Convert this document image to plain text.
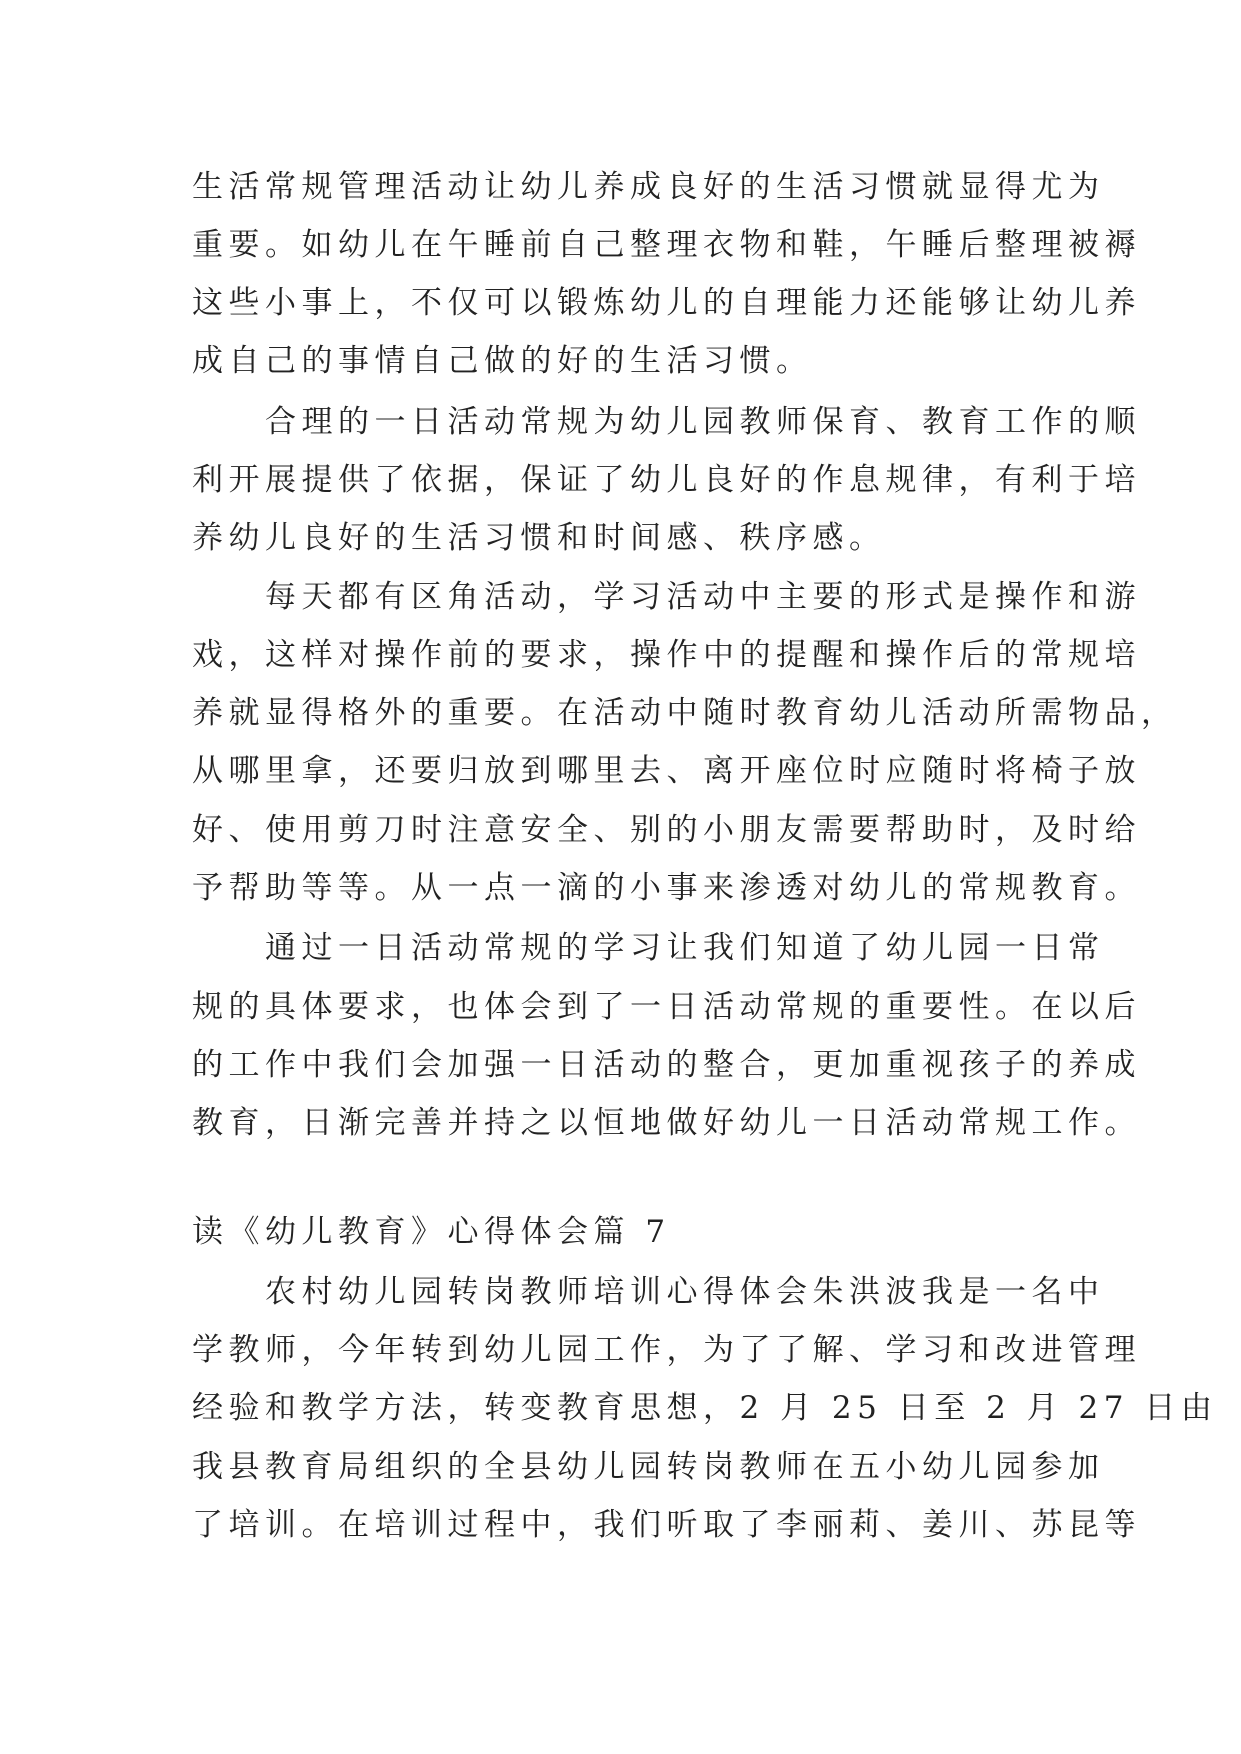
生活常规管理活动让幼儿养成良好的生活习惯就显得尤为
重要。如幼儿在午睡前自己整理衣物和鞋，午睡后整理被褥
这些小事上，不仅可以锻炼幼儿的自理能力还能够让幼儿养
成自己的事情自己做的好的生活习惯。
　　合理的一日活动常规为幼儿园教师保育、教育工作的顺
利开展提供了依据，保证了幼儿良好的作息规律，有利于培
养幼儿良好的生活习惯和时间感、秩序感。
　　每天都有区角活动，学习活动中主要的形式是操作和游
戏，这样对操作前的要求，操作中的提醒和操作后的常规培
养就显得格外的重要。在活动中随时教育幼儿活动所需物品，
从哪里拿，还要归放到哪里去、离开座位时应随时将椅子放
好、使用剪刀时注意安全、别的小朋友需要帮助时，及时给
予帮助等等。从一点一滴的小事来渗透对幼儿的常规教育。
　　通过一日活动常规的学习让我们知道了幼儿园一日常
规的具体要求，也体会到了一日活动常规的重要性。在以后
的工作中我们会加强一日活动的整合，更加重视孩子的养成
教育，日渐完善并持之以恒地做好幼儿一日活动常规工作。
读《幼儿教育》心得体会篇 7
　　农村幼儿园转岗教师培训心得体会朱洪波我是一名中
学教师，今年转到幼儿园工作，为了了解、学习和改进管理
经验和教学方法，转变教育思想，2 月 25 日至 2 月 27 日由
我县教育局组织的全县幼儿园转岗教师在五小幼儿园参加
了培训。在培训过程中，我们听取了李丽莉、姜川、苏昆等
